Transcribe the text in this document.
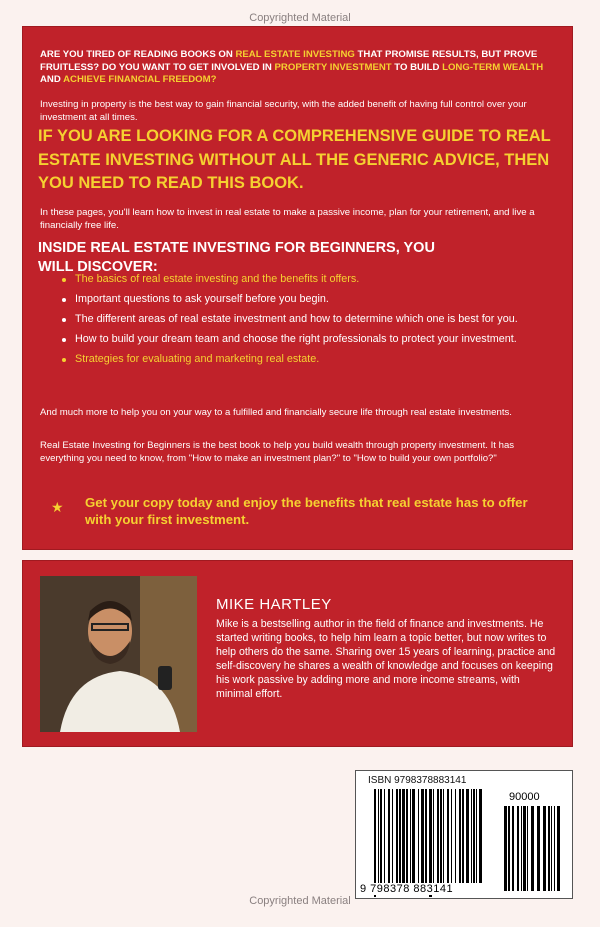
Copyrighted Material

ARE YOU TIRED OF READING BOOKS ON REAL ESTATE INVESTING THAT PROMISE RESULTS, BUT PROVE FRUITLESS? DO YOU WANT TO GET INVOLVED IN PROPERTY INVESTMENT TO BUILD LONG-TERM WEALTH AND ACHIEVE FINANCIAL FREEDOM?

Investing in property is the best way to gain financial security, with the added benefit of having full control over your investment at all times.

IF YOU ARE LOOKING FOR A COMPREHENSIVE GUIDE TO REAL ESTATE INVESTING WITHOUT ALL THE GENERIC ADVICE, THEN YOU NEED TO READ THIS BOOK.

In these pages, you'll learn how to invest in real estate to make a passive income, plan for your retirement, and live a financially free life.

INSIDE REAL ESTATE INVESTING FOR BEGINNERS, YOU WILL DISCOVER:

The basics of real estate investing and the benefits it offers.
Important questions to ask yourself before you begin.
The different areas of real estate investment and how to determine which one is best for you.
How to build your dream team and choose the right professionals to protect your investment.
Strategies for evaluating and marketing real estate.

And much more to help you on your way to a fulfilled and financially secure life through real estate investments.

Real Estate Investing for Beginners is the best book to help you build wealth through property investment. It has everything you need to know, from "How to make an investment plan?" to "How to build your own portfolio?"

★ Get your copy today and enjoy the benefits that real estate has to offer with your first investment.

MIKE HARTLEY

Mike is a bestselling author in the field of finance and investments. He started writing books, to help him learn a topic better, but now writes to help others do the same. Sharing over 15 years of learning, practice and self-discovery he shares a wealth of knowledge and focuses on keeping his work passive by adding more and more income streams, with minimal effort.

ISBN 9798378883141
90000
9 798378 883141
Copyrighted Material
